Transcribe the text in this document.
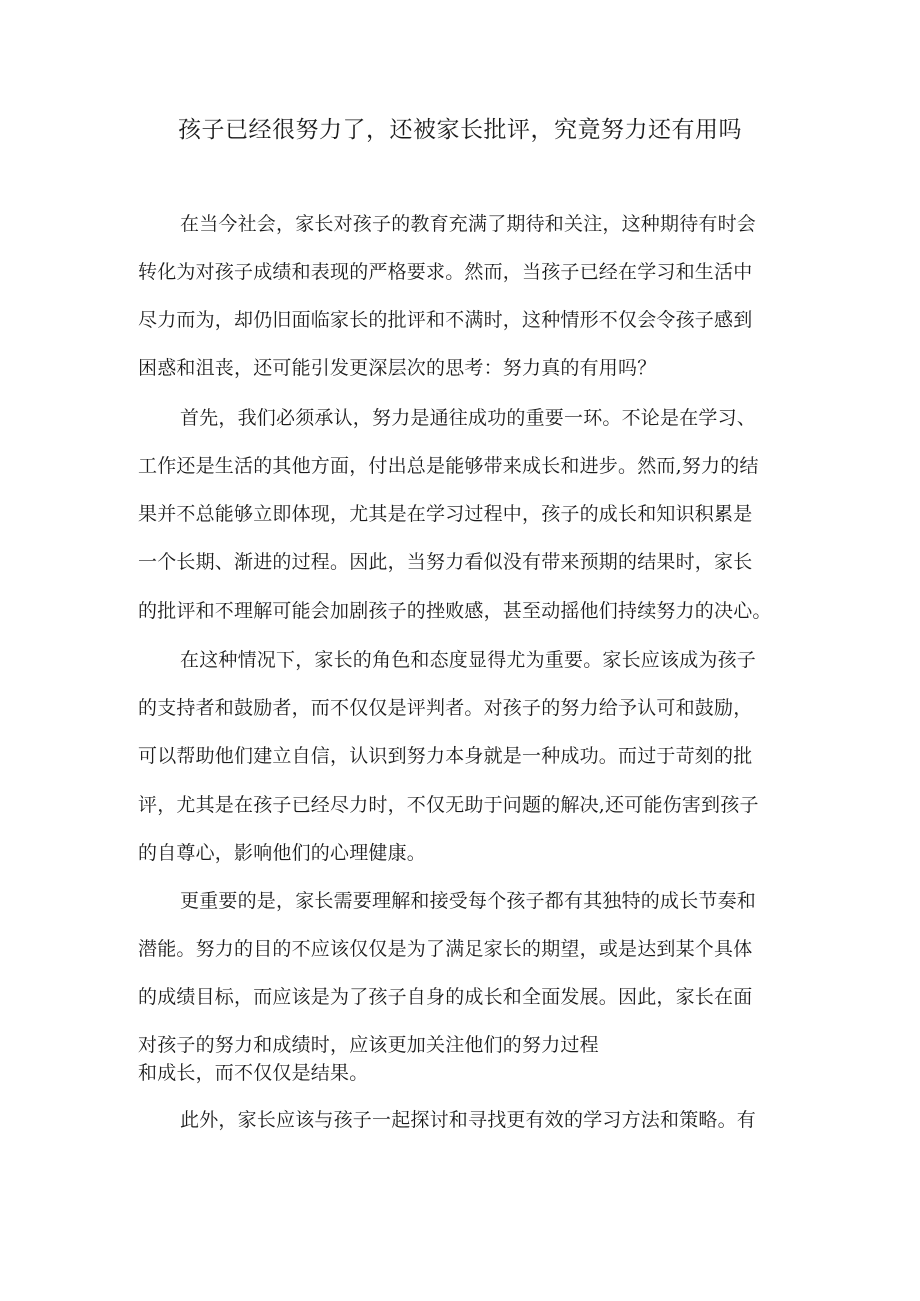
孩子已经很努力了，还被家长批评，究竟努力还有用吗

在当今社会，家长对孩子的教育充满了期待和关注，这种期待有时会

转化为对孩子成绩和表现的严格要求。然而，当孩子已经在学习和生活中

尽力而为，却仍旧面临家长的批评和不满时，这种情形不仅会令孩子感到

困惑和沮丧，还可能引发更深层次的思考：努力真的有用吗？

首先，我们必须承认，努力是通往成功的重要一环。不论是在学习、

工作还是生活的其他方面，付出总是能够带来成长和进步。然而,努力的结

果并不总能够立即体现，尤其是在学习过程中，孩子的成长和知识积累是

一个长期、渐进的过程。因此，当努力看似没有带来预期的结果时，家长

的批评和不理解可能会加剧孩子的挫败感，甚至动摇他们持续努力的决心。

在这种情况下，家长的角色和态度显得尤为重要。家长应该成为孩子

的支持者和鼓励者，而不仅仅是评判者。对孩子的努力给予认可和鼓励，

可以帮助他们建立自信，认识到努力本身就是一种成功。而过于苛刻的批

评，尤其是在孩子已经尽力时，不仅无助于问题的解决,还可能伤害到孩子

的自尊心，影响他们的心理健康。

更重要的是，家长需要理解和接受每个孩子都有其独特的成长节奏和

潜能。努力的目的不应该仅仅是为了满足家长的期望，或是达到某个具体

的成绩目标，而应该是为了孩子自身的成长和全面发展。因此，家长在面

对孩子的努力和成绩时，应该更加关注他们的努力过程

和成长，而不仅仅是结果。

此外，家长应该与孩子一起探讨和寻找更有效的学习方法和策略。有
